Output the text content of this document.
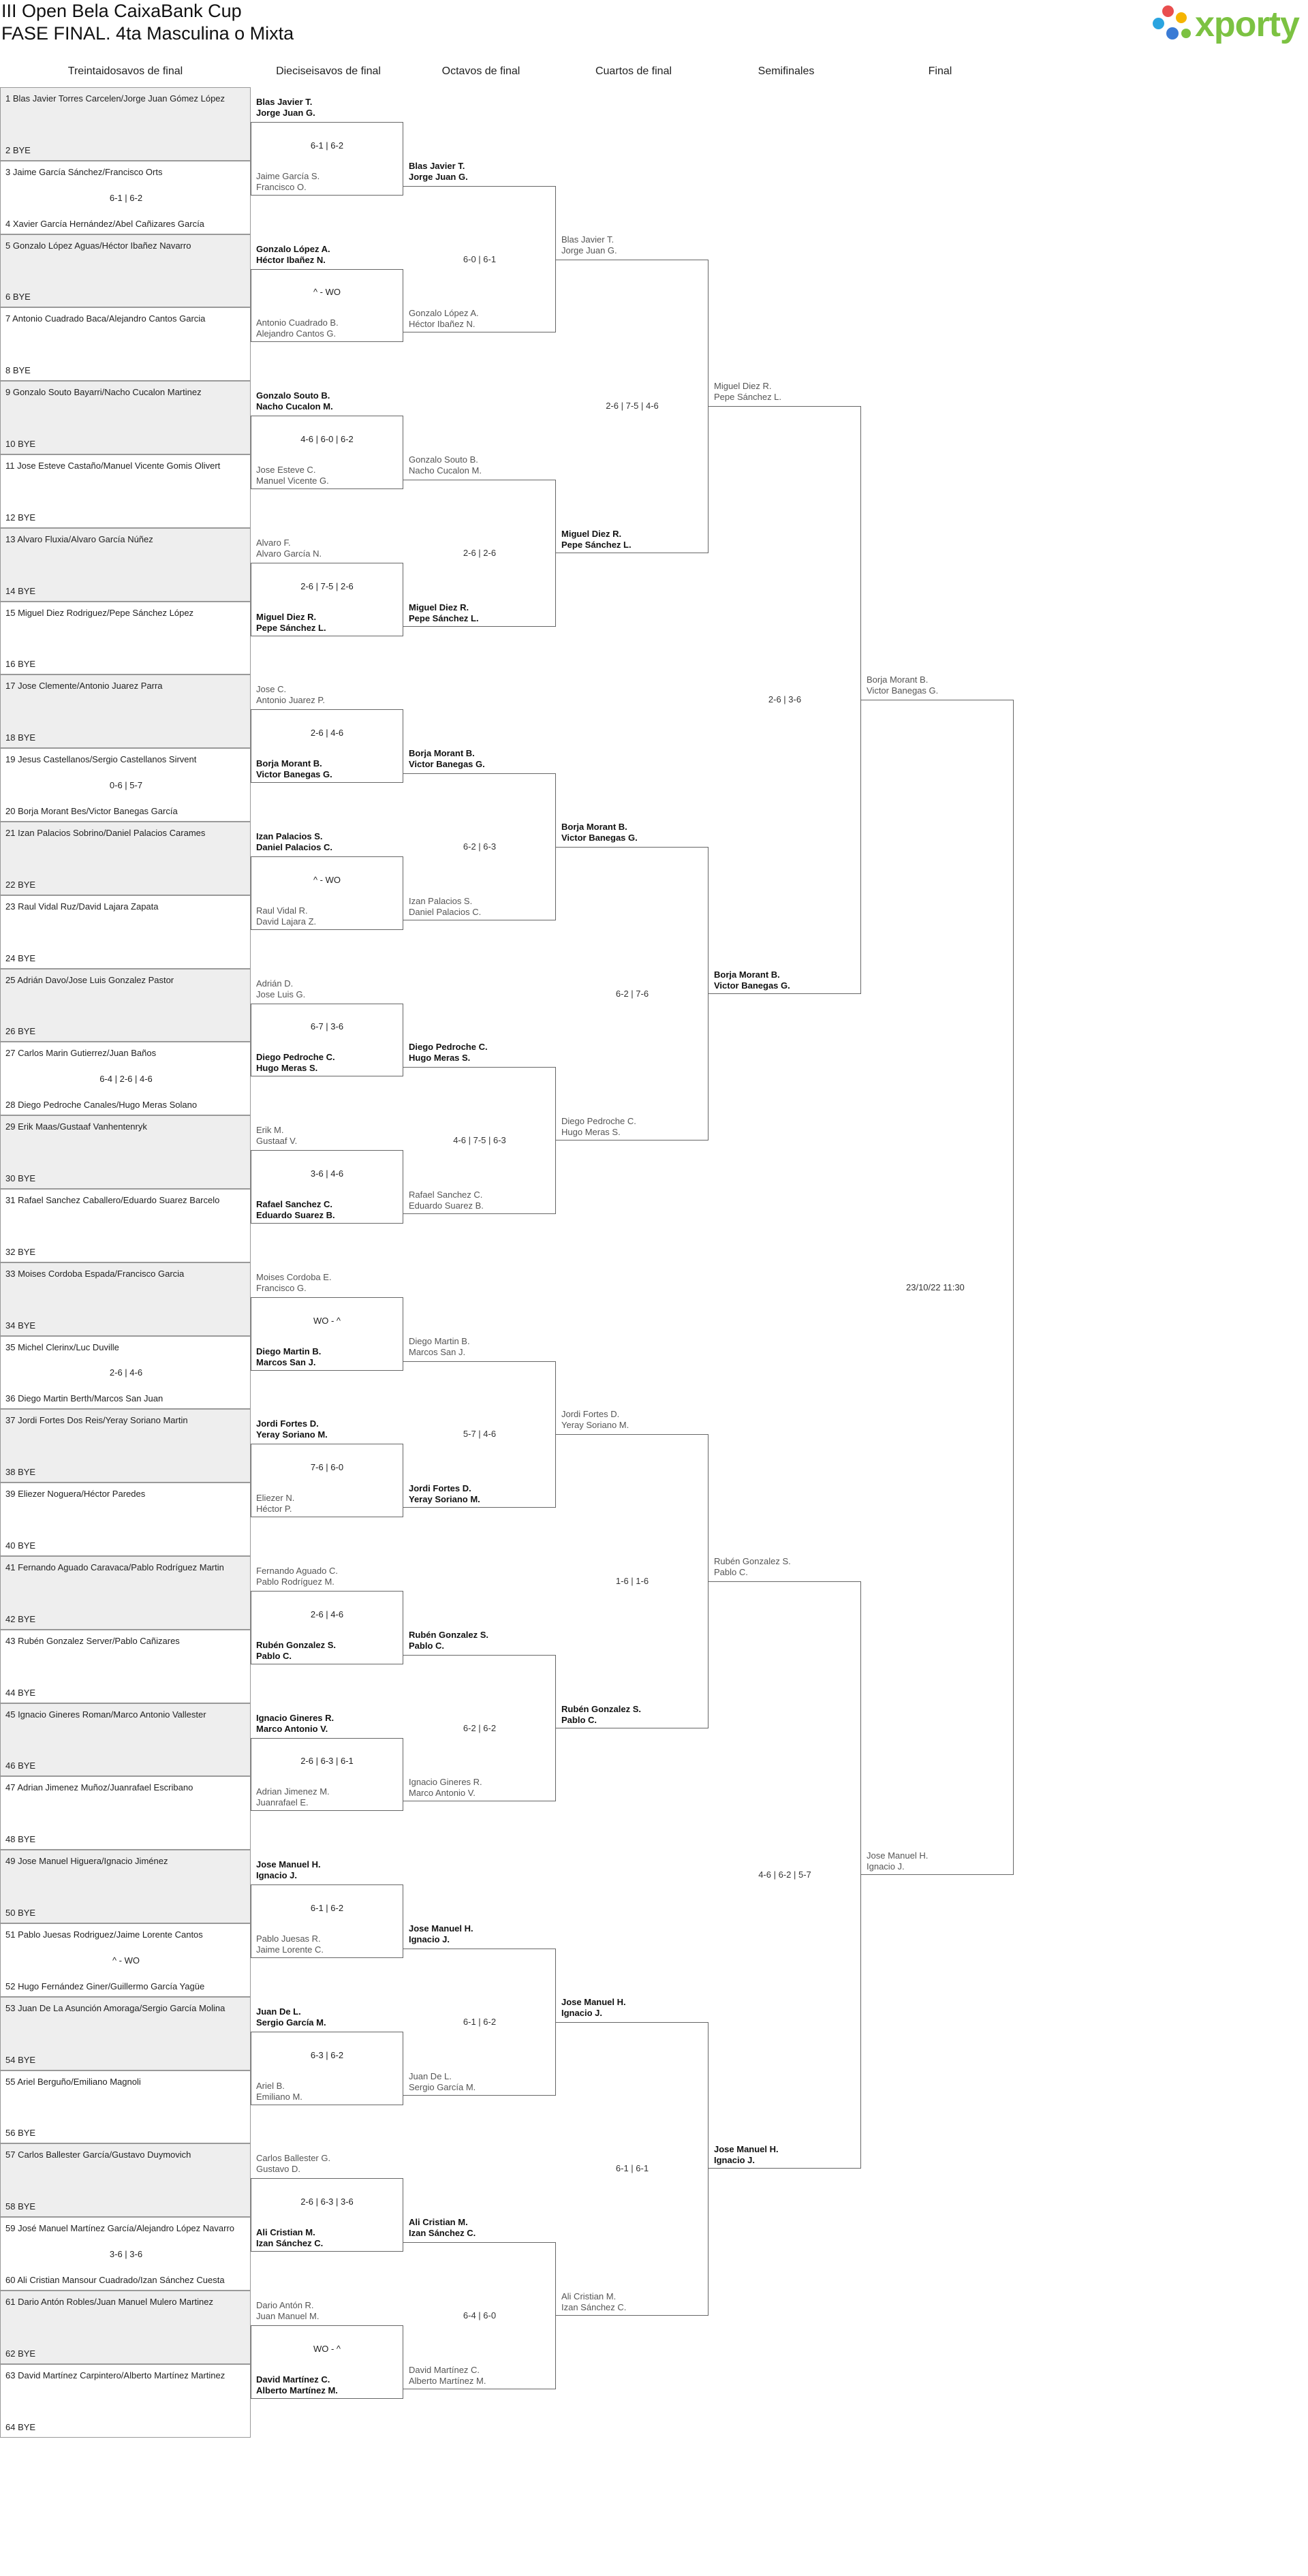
III Open Bela CaixaBank Cup
FASE FINAL. 4ta Masculina o Mixta	xporty
Treintaidosavos de final	Dieciseisavos de final	Octavos de final	Cuartos de final	Semifinales	Final
1 Blas Javier Torres Carcelen/Jorge Juan Gómez López
2 BYE
3 Jaime García Sánchez/Francisco Orts
4 Xavier García Hernández/Abel Cañizares García
6-1 | 6-2
5 Gonzalo López Aguas/Héctor Ibañez Navarro
6 BYE
7 Antonio Cuadrado Baca/Alejandro Cantos Garcia
8 BYE
9 Gonzalo Souto Bayarri/Nacho Cucalon Martinez
10 BYE
11 Jose Esteve Castaño/Manuel Vicente Gomis Olivert
12 BYE
13 Alvaro Fluxia/Alvaro García Núñez
14 BYE
15 Miguel Diez Rodriguez/Pepe Sánchez López
16 BYE
17 Jose Clemente/Antonio Juarez Parra
18 BYE
19 Jesus Castellanos/Sergio Castellanos Sirvent
20 Borja Morant Bes/Victor Banegas García
0-6 | 5-7
21 Izan Palacios Sobrino/Daniel Palacios Carames
22 BYE
23 Raul Vidal Ruz/David Lajara Zapata
24 BYE
25 Adrián Davo/Jose Luis Gonzalez Pastor
26 BYE
27 Carlos Marin Gutierrez/Juan Baños
28 Diego Pedroche Canales/Hugo Meras Solano
6-4 | 2-6 | 4-6
29 Erik Maas/Gustaaf Vanhentenryk
30 BYE
31 Rafael Sanchez Caballero/Eduardo Suarez Barcelo
32 BYE
33 Moises Cordoba Espada/Francisco Garcia
34 BYE
35 Michel Clerinx/Luc Duville
36 Diego Martin Berth/Marcos San Juan
2-6 | 4-6
37 Jordi Fortes Dos Reis/Yeray Soriano Martin
38 BYE
39 Eliezer Noguera/Héctor Paredes
40 BYE
41 Fernando Aguado Caravaca/Pablo Rodríguez Martin
42 BYE
43 Rubén Gonzalez Server/Pablo Cañizares
44 BYE
45 Ignacio Gineres Roman/Marco Antonio Vallester
46 BYE
47 Adrian Jimenez Muñoz/Juanrafael Escribano
48 BYE
49 Jose Manuel Higuera/Ignacio Jiménez
50 BYE
51 Pablo Juesas Rodriguez/Jaime Lorente Cantos
52 Hugo Fernández Giner/Guillermo García Yagüe
^ - WO
53 Juan De La Asunción Amoraga/Sergio García Molina
54 BYE
55 Ariel Berguño/Emiliano Magnoli
56 BYE
57 Carlos Ballester García/Gustavo Duymovich
58 BYE
59 José Manuel Martínez García/Alejandro López Navarro
60 Ali Cristian Mansour Cuadrado/Izan Sánchez Cuesta
3-6 | 3-6
61 Dario Antón Robles/Juan Manuel Mulero Martinez
62 BYE
63 David Martínez Carpintero/Alberto Martínez Martinez
64 BYE
6-1 | 6-2
Blas Javier T.
Jorge Juan G.
Jaime García S.
Francisco O.
^ - WO
Gonzalo López A.
Héctor Ibañez N.
Antonio Cuadrado B.
Alejandro Cantos G.
4-6 | 6-0 | 6-2
Gonzalo Souto B.
Nacho Cucalon M.
Jose Esteve C.
Manuel Vicente G.
2-6 | 7-5 | 2-6
Alvaro F.
Alvaro García N.
Miguel Diez R.
Pepe Sánchez L.
2-6 | 4-6
Jose C.
Antonio Juarez P.
Borja Morant B.
Victor Banegas G.
^ - WO
Izan Palacios S.
Daniel Palacios C.
Raul Vidal R.
David Lajara Z.
6-7 | 3-6
Adrián D.
Jose Luis G.
Diego Pedroche C.
Hugo Meras S.
3-6 | 4-6
Erik M.
Gustaaf V.
Rafael Sanchez C.
Eduardo Suarez B.
WO - ^
Moises Cordoba E.
Francisco G.
Diego Martin B.
Marcos San J.
7-6 | 6-0
Jordi Fortes D.
Yeray Soriano M.
Eliezer N.
Héctor P.
2-6 | 4-6
Fernando Aguado C.
Pablo Rodríguez M.
Rubén Gonzalez S.
Pablo C.
2-6 | 6-3 | 6-1
Ignacio Gineres R.
Marco Antonio V.
Adrian Jimenez M.
Juanrafael E.
6-1 | 6-2
Jose Manuel H.
Ignacio J.
Pablo Juesas R.
Jaime Lorente C.
6-3 | 6-2
Juan De L.
Sergio García M.
Ariel B.
Emiliano M.
2-6 | 6-3 | 3-6
Carlos Ballester G.
Gustavo D.
Ali Cristian M.
Izan Sánchez C.
WO - ^
Dario Antón R.
Juan Manuel M.
David Martínez C.
Alberto Martínez M.
6-0 | 6-1
Blas Javier T.
Jorge Juan G.
Gonzalo López A.
Héctor Ibañez N.
2-6 | 2-6
Gonzalo Souto B.
Nacho Cucalon M.
Miguel Diez R.
Pepe Sánchez L.
6-2 | 6-3
Borja Morant B.
Victor Banegas G.
Izan Palacios S.
Daniel Palacios C.
4-6 | 7-5 | 6-3
Diego Pedroche C.
Hugo Meras S.
Rafael Sanchez C.
Eduardo Suarez B.
5-7 | 4-6
Diego Martin B.
Marcos San J.
Jordi Fortes D.
Yeray Soriano M.
6-2 | 6-2
Rubén Gonzalez S.
Pablo C.
Ignacio Gineres R.
Marco Antonio V.
6-1 | 6-2
Jose Manuel H.
Ignacio J.
Juan De L.
Sergio García M.
6-4 | 6-0
Ali Cristian M.
Izan Sánchez C.
David Martínez C.
Alberto Martínez M.
2-6 | 7-5 | 4-6
Blas Javier T.
Jorge Juan G.
Miguel Diez R.
Pepe Sánchez L.
6-2 | 7-6
Borja Morant B.
Victor Banegas G.
Diego Pedroche C.
Hugo Meras S.
1-6 | 1-6
Jordi Fortes D.
Yeray Soriano M.
Rubén Gonzalez S.
Pablo C.
6-1 | 6-1
Jose Manuel H.
Ignacio J.
Ali Cristian M.
Izan Sánchez C.
2-6 | 3-6
Miguel Diez R.
Pepe Sánchez L.
Borja Morant B.
Victor Banegas G.
4-6 | 6-2 | 5-7
Rubén Gonzalez S.
Pablo C.
Jose Manuel H.
Ignacio J.
23/10/22 11:30
Borja Morant B.
Victor Banegas G.
Jose Manuel H.
Ignacio J.
